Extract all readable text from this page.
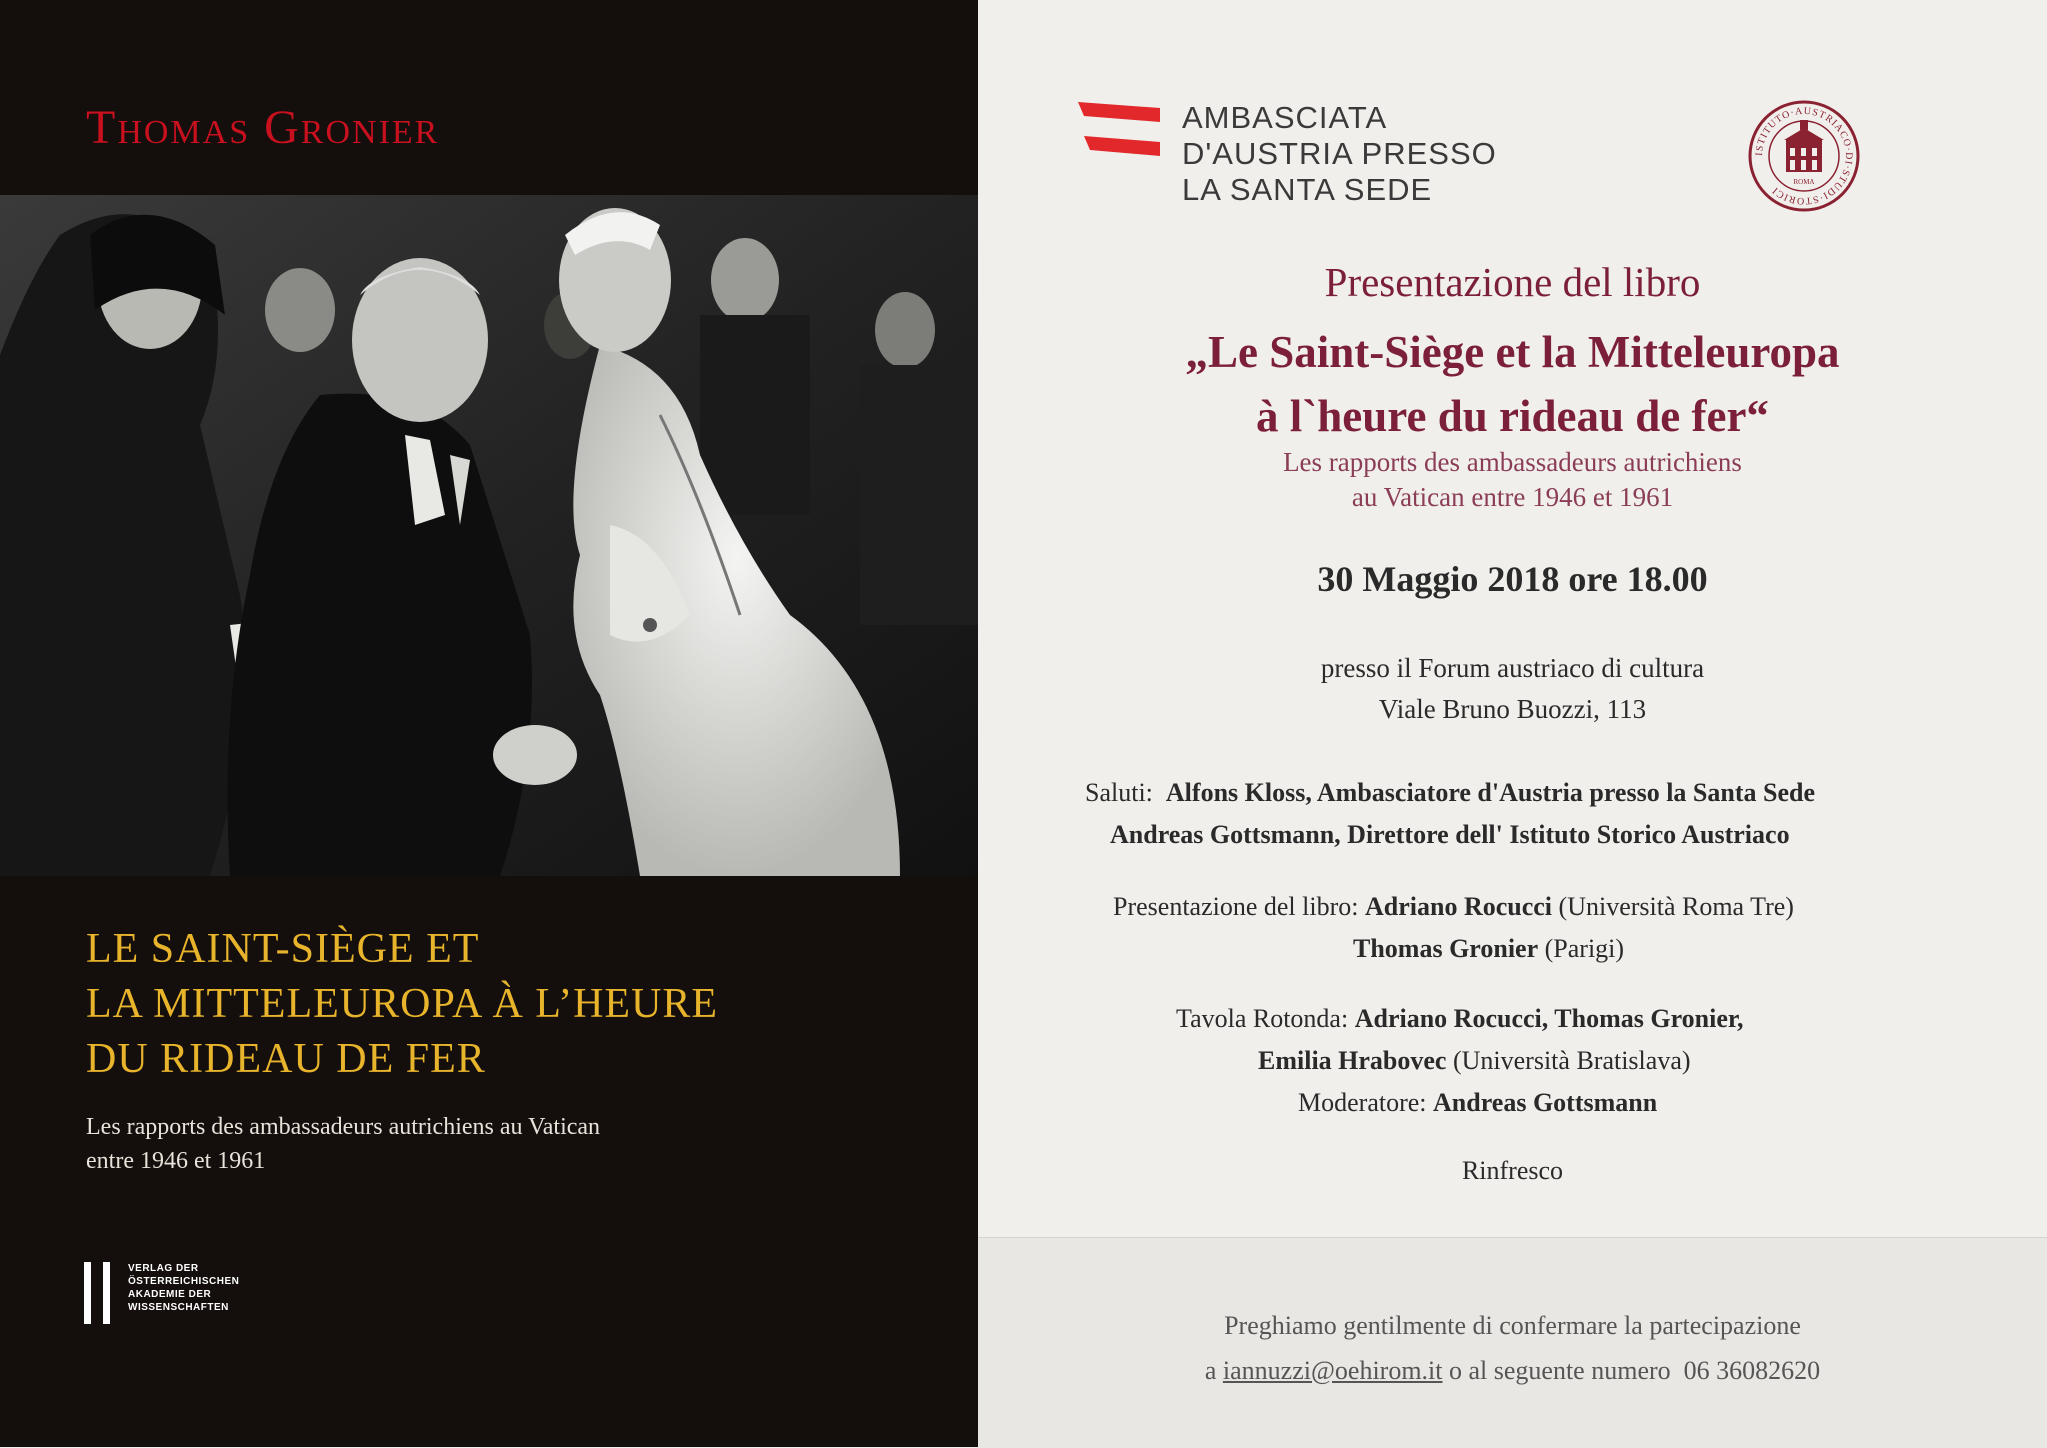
Thomas Gronier
LE SAINT-SIÈGE ET
LA MITTELEUROPA À L’HEURE
DU RIDEAU DE FER
Les rapports des ambassadeurs autrichiens au Vatican
entre 1946 et 1961
VERLAG DER
ÖSTERREICHISCHEN
AKADEMIE DER
WISSENSCHAFTEN
AMBASCIATA
D'AUSTRIA PRESSO
LA SANTA SEDE
ISTITUTO·AUSTRIACO·DI·STUDI·STORICI
ROMA
Presentazione del libro
„Le Saint-Siège et la Mitteleuropa
à l`heure du rideau de fer“
Les rapports des ambassadeurs autrichiens
au Vatican entre 1946 et 1961
30 Maggio 2018 ore 18.00
presso il Forum austriaco di cultura
Viale Bruno Buozzi, 113
Saluti: Alfons Kloss, Ambasciatore d'Austria presso la Santa Sede
Andreas Gottsmann, Direttore dell' Istituto Storico Austriaco
Presentazione del libro: Adriano Rocucci (Università Roma Tre)
Thomas Gronier (Parigi)
Tavola Rotonda: Adriano Rocucci, Thomas Gronier,
Emilia Hrabovec (Università Bratislava)
Moderatore: Andreas Gottsmann
Rinfresco
Preghiamo gentilmente di confermare la partecipazione
a iannuzzi@oehirom.it o al seguente numero 06 36082620
